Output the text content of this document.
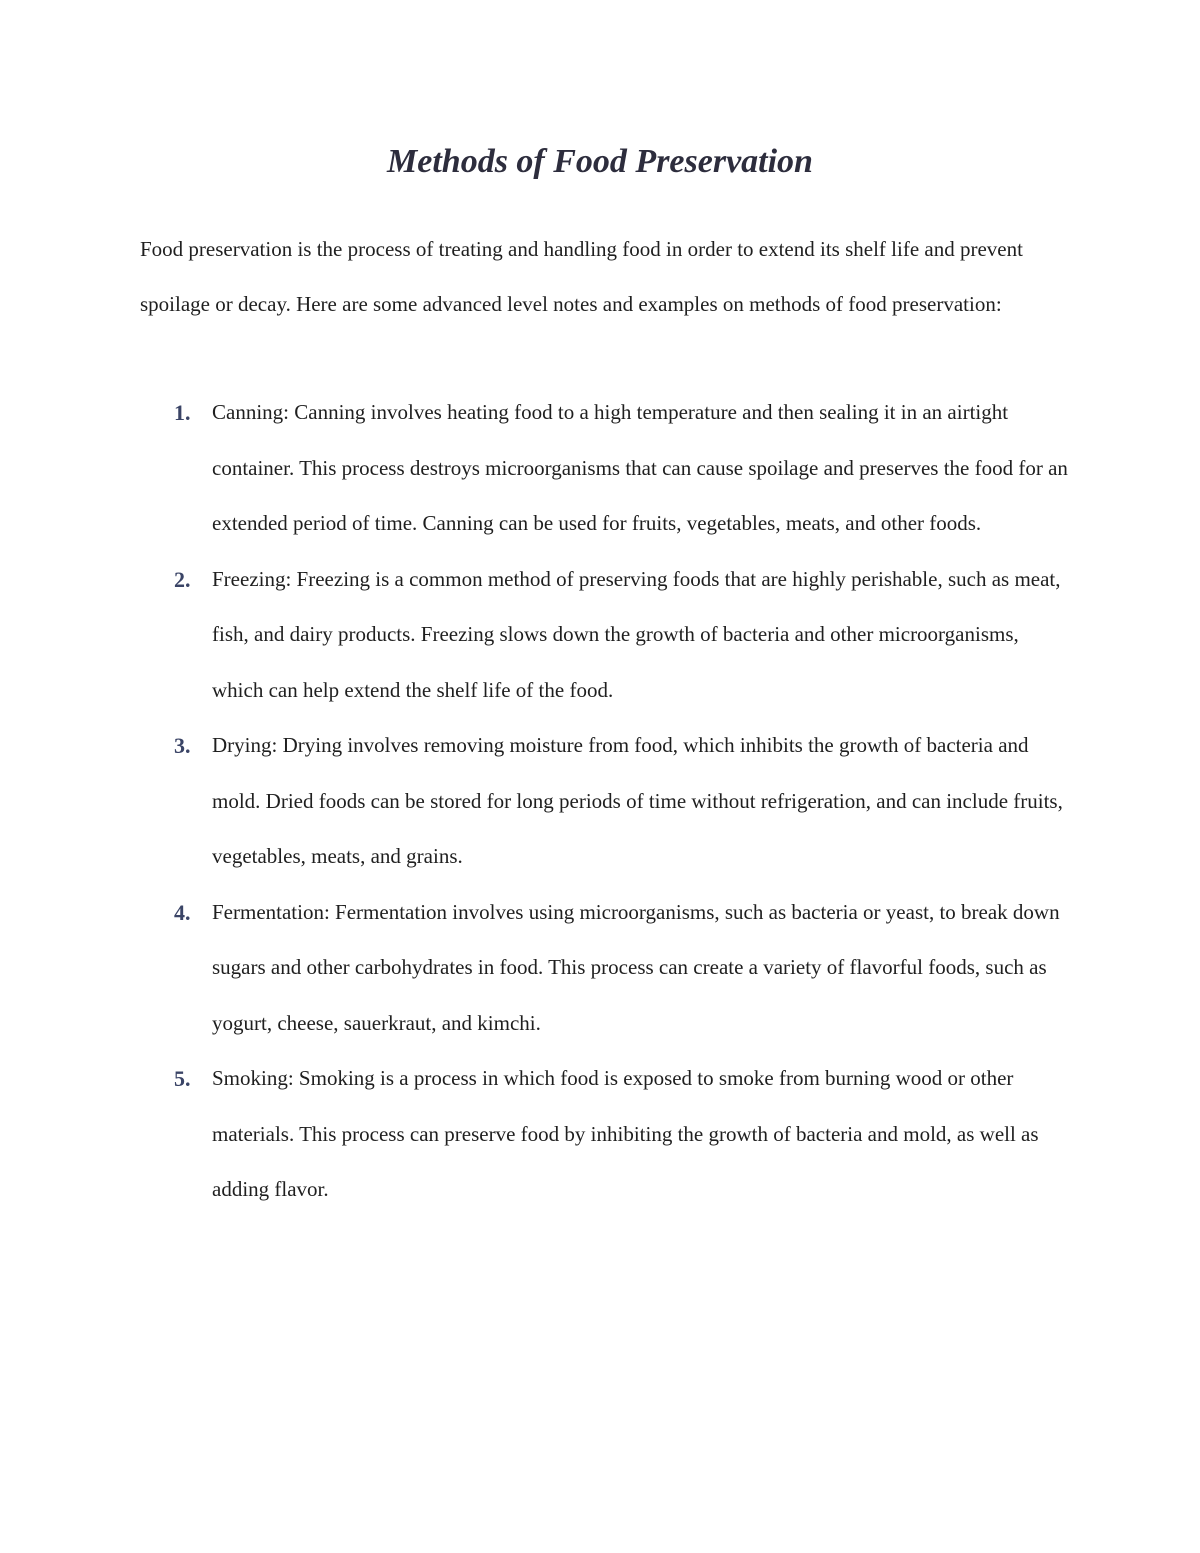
Methods of Food Preservation

Food preservation is the process of treating and handling food in order to extend its shelf life and prevent spoilage or decay. Here are some advanced level notes and examples on methods of food preservation:

1. Canning: Canning involves heating food to a high temperature and then sealing it in an airtight container. This process destroys microorganisms that can cause spoilage and preserves the food for an extended period of time. Canning can be used for fruits, vegetables, meats, and other foods.
2. Freezing: Freezing is a common method of preserving foods that are highly perishable, such as meat, fish, and dairy products. Freezing slows down the growth of bacteria and other microorganisms, which can help extend the shelf life of the food.
3. Drying: Drying involves removing moisture from food, which inhibits the growth of bacteria and mold. Dried foods can be stored for long periods of time without refrigeration, and can include fruits, vegetables, meats, and grains.
4. Fermentation: Fermentation involves using microorganisms, such as bacteria or yeast, to break down sugars and other carbohydrates in food. This process can create a variety of flavorful foods, such as yogurt, cheese, sauerkraut, and kimchi.
5. Smoking: Smoking is a process in which food is exposed to smoke from burning wood or other materials. This process can preserve food by inhibiting the growth of bacteria and mold, as well as adding flavor.
